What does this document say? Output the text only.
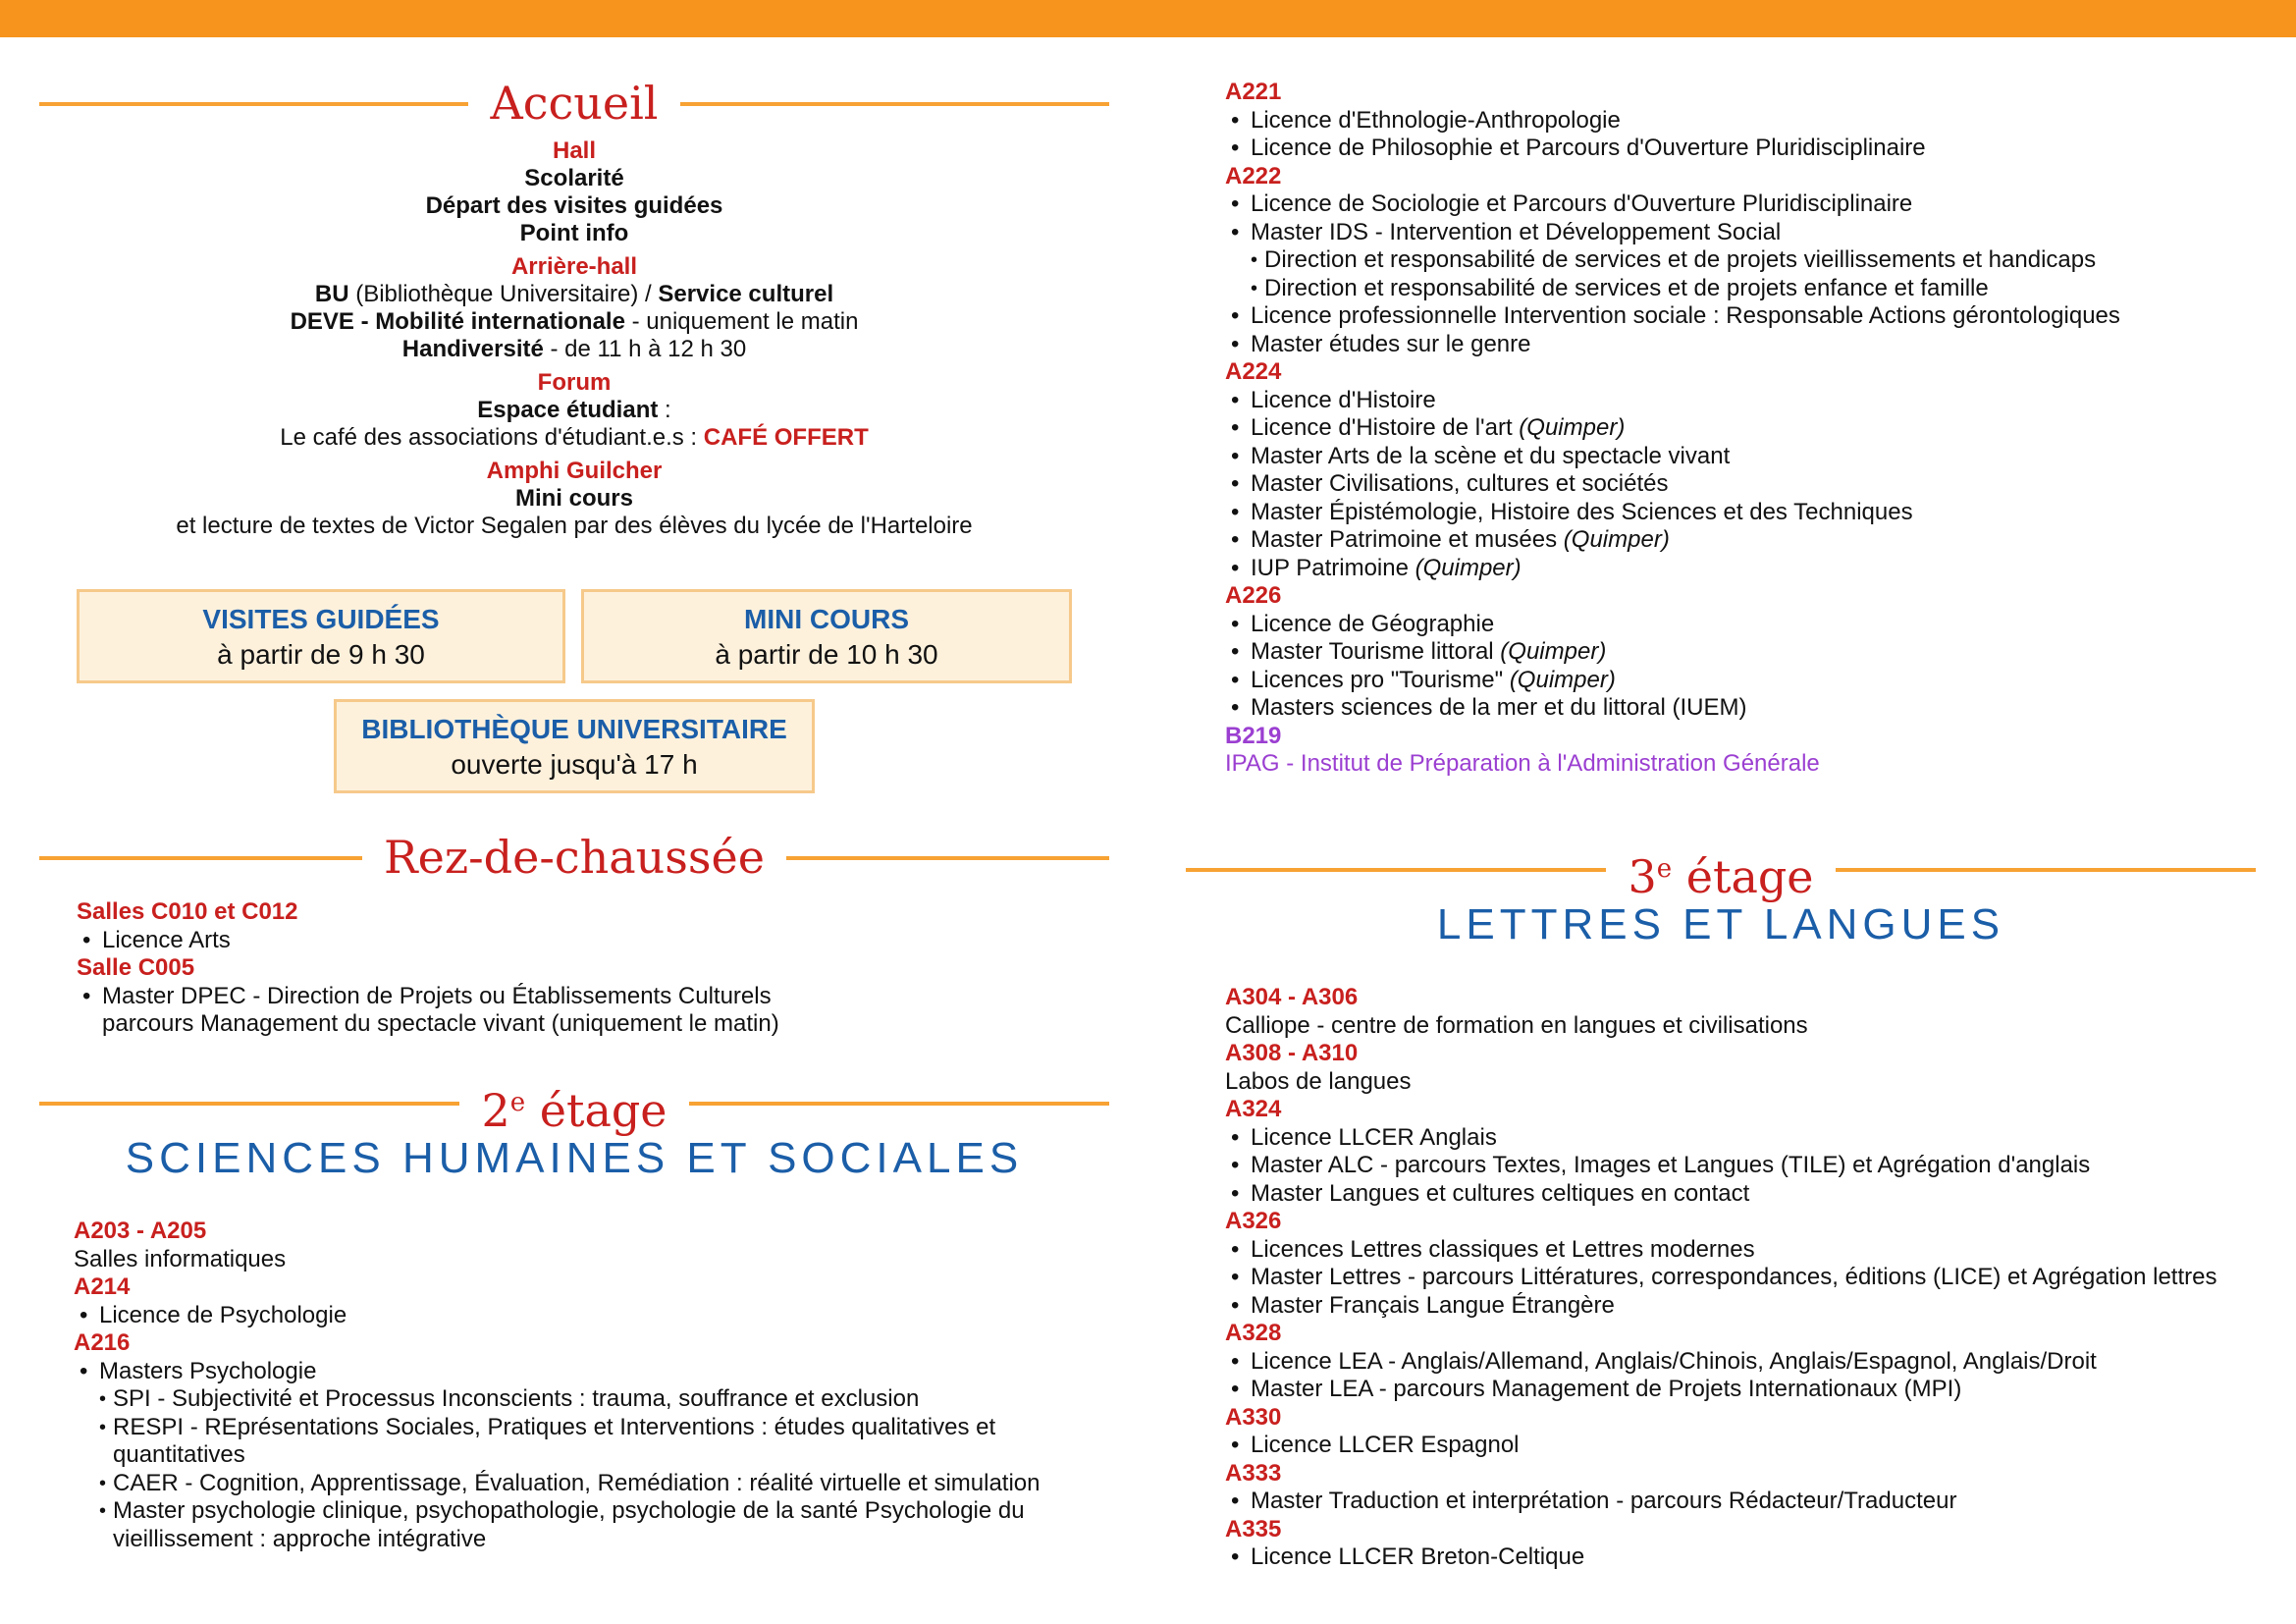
Accueil

Hall

Scolarité

Départ des visites guidées

Point info

Arrière-hall

BU (Bibliothèque Universitaire) / Service culturel

DEVE - Mobilité internationale - uniquement le matin

Handiversité - de 11 h à 12 h 30

Forum

Espace étudiant :

Le café des associations d'étudiant.e.s : CAFÉ OFFERT

Amphi Guilcher

Mini cours

et lecture de textes de Victor Segalen par des élèves du lycée de l'Harteloire

VISITES GUIDÉES
à partir de 9 h 30
MINI COURS
à partir de 10 h 30
BIBLIOTHÈQUE UNIVERSITAIRE
ouverte jusqu'à 17 h
Rez-de-chaussée

Salles C010 et C012

• Licence Arts

Salle C005

• Master DPEC - Direction de Projets ou Établissements Culturels
parcours Management du spectacle vivant (uniquement le matin)
2e étage
SCIENCES HUMAINES ET SOCIALES

A203 - A205

Salles informatiques

A214

• Licence de Psychologie

A216

• Masters Psychologie
• SPI - Subjectivité et Processus Inconscients : trauma, souffrance et exclusion
• RESPI - REprésentations Sociales, Pratiques et Interventions : études qualitatives et quantitatives
• CAER - Cognition, Apprentissage, Évaluation, Remédiation : réalité virtuelle et simulation
• Master psychologie clinique, psychopathologie, psychologie de la santé Psychologie du vieillissement : approche intégrative

A221

• Licence d'Ethnologie-Anthropologie
• Licence de Philosophie et Parcours d'Ouverture Pluridisciplinaire

A222

• Licence de Sociologie et Parcours d'Ouverture Pluridisciplinaire
• Master IDS - Intervention et Développement Social
• Direction et responsabilité de services et de projets vieillissements et handicaps
• Direction et responsabilité de services et de projets enfance et famille
• Licence professionnelle Intervention sociale : Responsable Actions gérontologiques
• Master études sur le genre

A224

• Licence d'Histoire
• Licence d'Histoire de l'art (Quimper)
• Master Arts de la scène et du spectacle vivant
• Master Civilisations, cultures et sociétés
• Master Épistémologie, Histoire des Sciences et des Techniques
• Master Patrimoine et musées (Quimper)
• IUP Patrimoine (Quimper)

A226

• Licence de Géographie
• Master Tourisme littoral (Quimper)
• Licences pro "Tourisme" (Quimper)
• Masters sciences de la mer et du littoral (IUEM)

B219

IPAG - Institut de Préparation à l'Administration Générale

3e étage
LETTRES ET LANGUES

A304 - A306

Calliope - centre de formation en langues et civilisations

A308 - A310

Labos de langues

A324

• Licence LLCER Anglais
• Master ALC - parcours Textes, Images et Langues (TILE) et Agrégation d'anglais
• Master Langues et cultures celtiques en contact

A326

• Licences Lettres classiques et Lettres modernes
• Master Lettres - parcours Littératures, correspondances, éditions (LICE) et Agrégation lettres
• Master Français Langue Étrangère

A328

• Licence LEA - Anglais/Allemand, Anglais/Chinois, Anglais/Espagnol, Anglais/Droit
• Master LEA - parcours Management de Projets Internationaux (MPI)

A330

• Licence LLCER Espagnol

A333

• Master Traduction et interprétation - parcours Rédacteur/Traducteur

A335

• Licence LLCER Breton-Celtique
